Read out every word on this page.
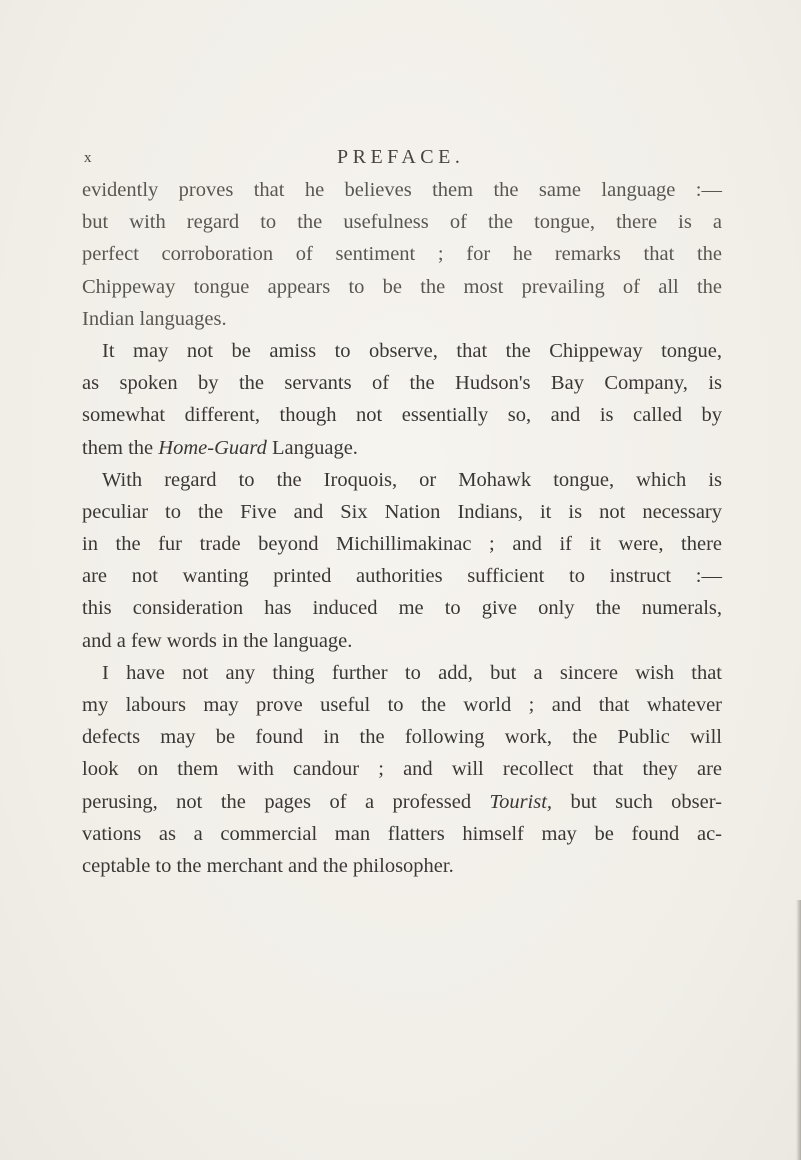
x	PREFACE.
evidently proves that he believes them the same language :—
but with regard to the usefulness of the tongue, there is a
perfect corroboration of sentiment ; for he remarks that the
Chippeway tongue appears to be the most prevailing of all the
Indian languages.
It may not be amiss to observe, that the Chippeway tongue,
as spoken by the servants of the Hudson's Bay Company, is
somewhat different, though not essentially so, and is called by
them the Home-Guard Language.
With regard to the Iroquois, or Mohawk tongue, which is
peculiar to the Five and Six Nation Indians, it is not necessary
in the fur trade beyond Michillimakinac ; and if it were, there
are not wanting printed authorities sufficient to instruct :—
this consideration has induced me to give only the numerals,
and a few words in the language.
I have not any thing further to add, but a sincere wish that
my labours may prove useful to the world ; and that whatever
defects may be found in the following work, the Public will
look on them with candour ; and will recollect that they are
perusing, not the pages of a professed Tourist, but such obser-
vations as a commercial man flatters himself may be found ac-
ceptable to the merchant and the philosopher.
